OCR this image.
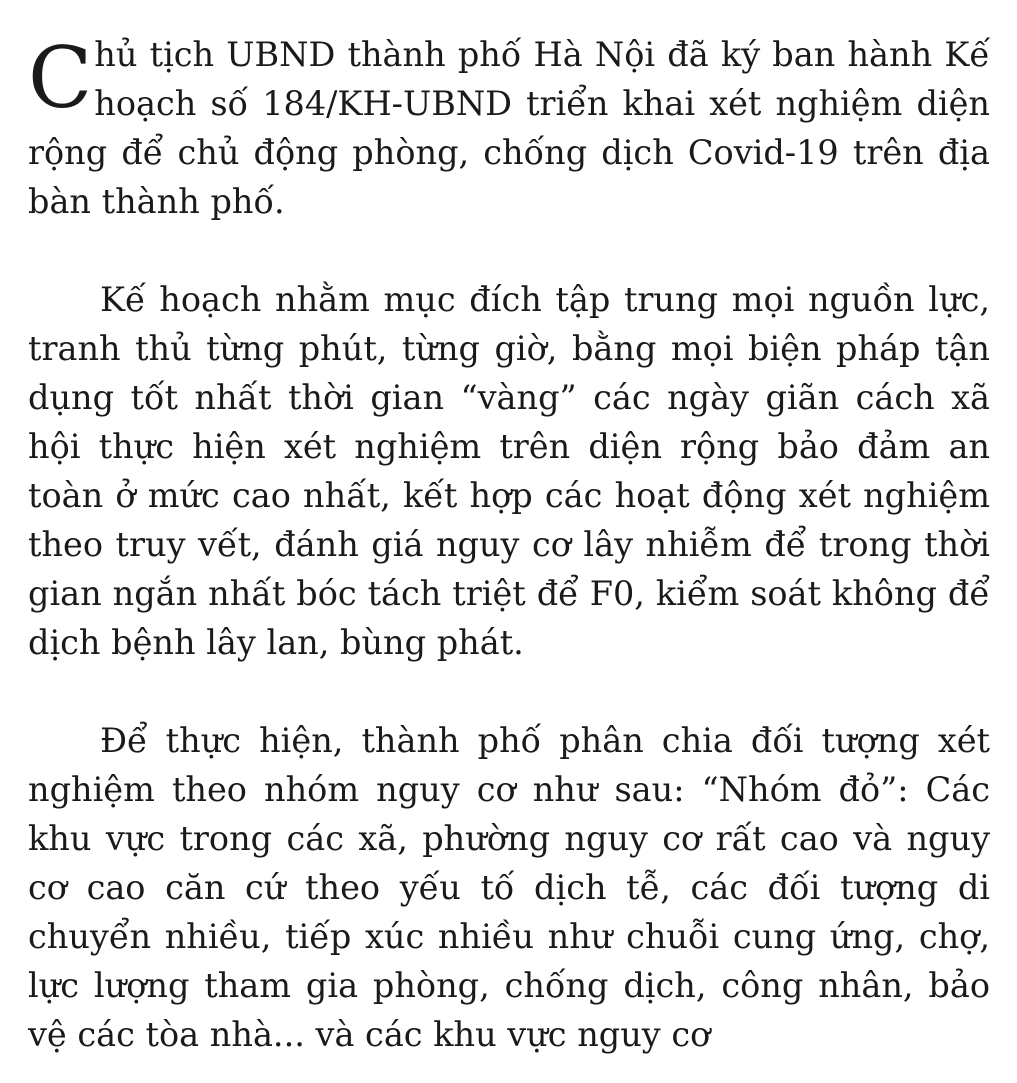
Chủ tịch UBND thành phố Hà Nội đã ký ban hành Kế hoạch số 184/KH-UBND triển khai xét nghiệm diện rộng để chủ động phòng, chống dịch Covid-19 trên địa bàn thành phố.

Kế hoạch nhằm mục đích tập trung mọi nguồn lực, tranh thủ từng phút, từng giờ, bằng mọi biện pháp tận dụng tốt nhất thời gian “vàng” các ngày giãn cách xã hội thực hiện xét nghiệm trên diện rộng bảo đảm an toàn ở mức cao nhất, kết hợp các hoạt động xét nghiệm theo truy vết, đánh giá nguy cơ lây nhiễm để trong thời gian ngắn nhất bóc tách triệt để F0, kiểm soát không để dịch bệnh lây lan, bùng phát.

Để thực hiện, thành phố phân chia đối tượng xét nghiệm theo nhóm nguy cơ như sau: “Nhóm đỏ”: Các khu vực trong các xã, phường nguy cơ rất cao và nguy cơ cao căn cứ theo yếu tố dịch tễ, các đối tượng di chuyển nhiều, tiếp xúc nhiều như chuỗi cung ứng, chợ, lực lượng tham gia phòng, chống dịch, công nhân, bảo vệ các tòa nhà... và các khu vực nguy cơ
